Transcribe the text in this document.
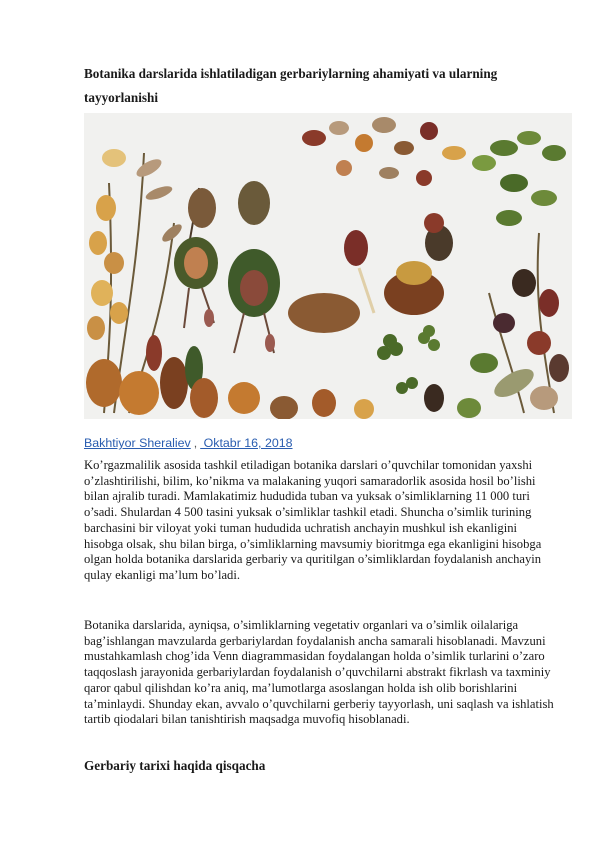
Botanika darslarida ishlatiladigan gerbariylarning ahamiyati va ularning tayyorlanishi
Bakhtiyor Sheraliev , Oktabr 16, 2018
Ko’rgazmalilik asosida tashkil etiladigan botanika darslari o’quvchilar tomonidan yaxshi o’zlashtirilishi, bilim, ko’nikma va malakaning yuqori samaradorlik asosida hosil bo’lishi bilan ajralib turadi. Mamlakatimiz hududida tuban va yuksak o’simliklarning 11 000 turi o’sadi. Shulardan 4 500 tasini yuksak o’simliklar tashkil etadi. Shuncha o’simlik turining barchasini bir viloyat yoki tuman hududida uchratish anchayin mushkul ish ekanligini hisobga olsak, shu bilan birga, o’simliklarning mavsumiy bioritmga ega ekanligini hisobga olgan holda botanika darslarida gerbariy va quritilgan o’simliklardan foydalanish anchayin qulay ekanligi ma’lum bo’ladi.
Botanika darslarida, ayniqsa, o’simliklarning vegetativ organlari va o’simlik oilalariga bag’ishlangan mavzularda gerbariylardan foydalanish ancha samarali hisoblanadi. Mavzuni mustahkamlash chog’ida Venn diagrammasidan foydalangan holda o’simlik turlarini o’zaro taqqoslash jarayonida gerbariylardan foydalanish o’quvchilarni abstrakt fikrlash va taxminiy qaror qabul qilishdan ko’ra aniq, ma’lumotlarga asoslangan holda ish olib borishlarini ta’minlaydi. Shunday ekan, avvalo o’quvchilarni gerberiy tayyorlash, uni saqlash va ishlatish tartib qiodalari bilan tanishtirish maqsadga muvofiq hisoblanadi.
Gerbariy tarixi haqida qisqacha
